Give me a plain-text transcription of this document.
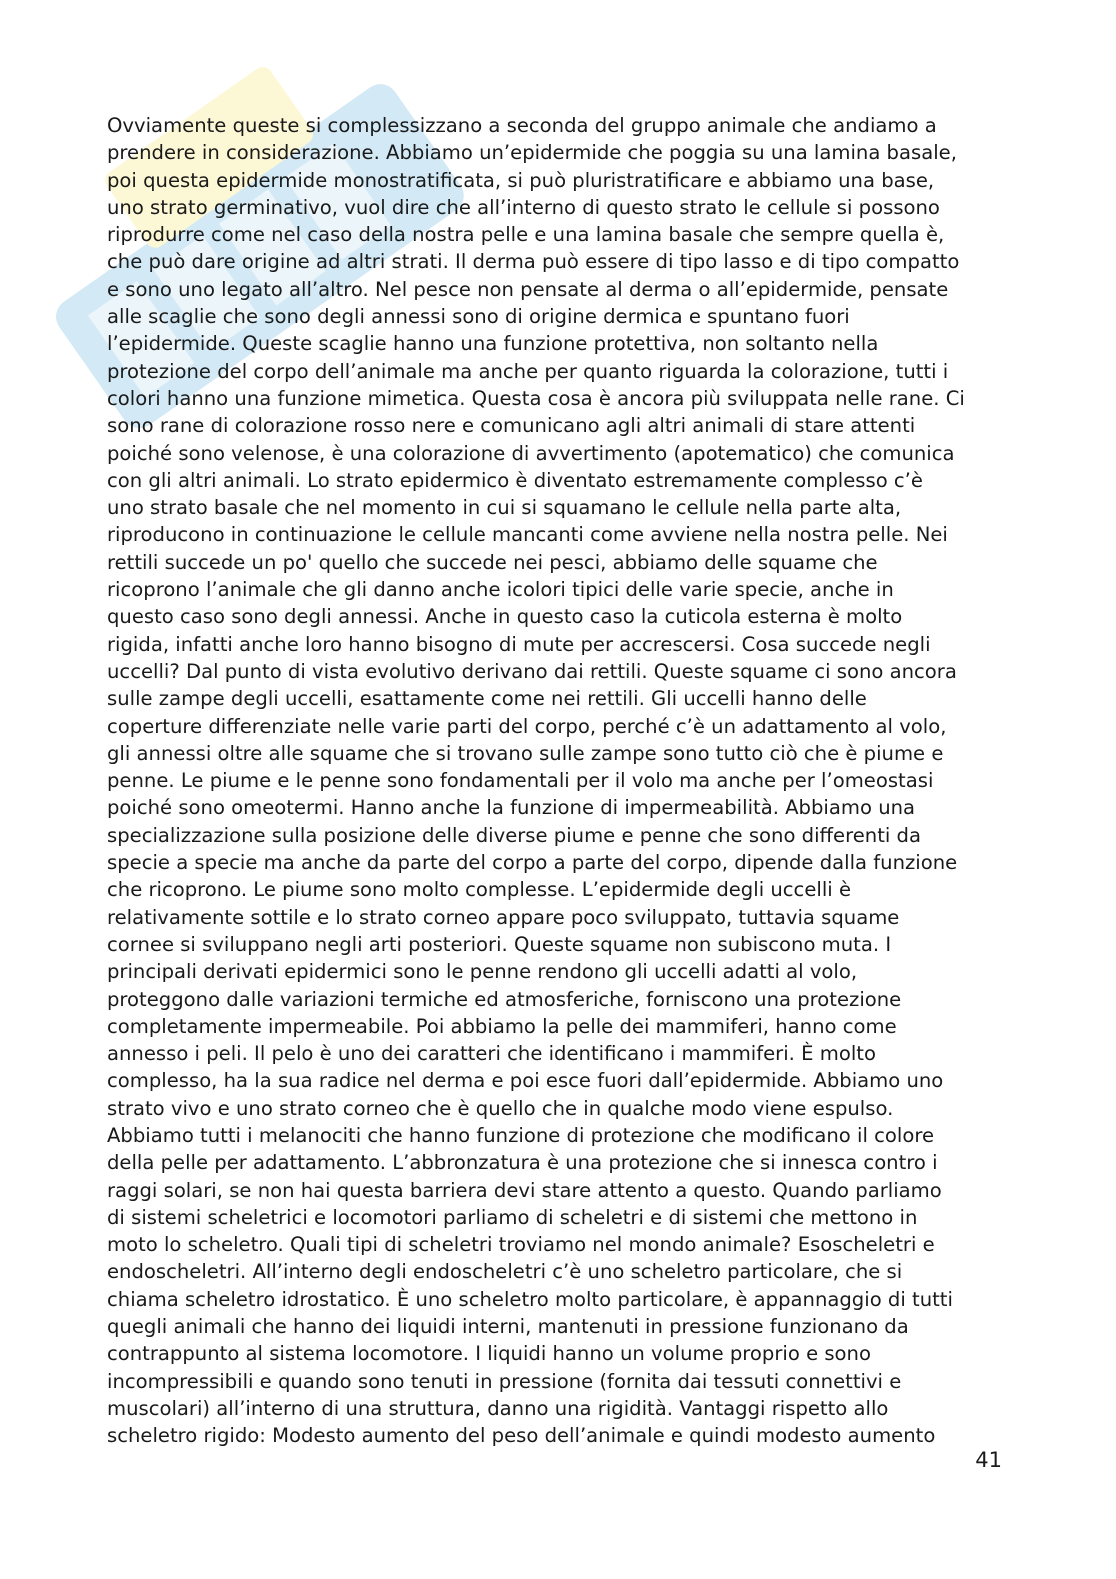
Ovviamente queste si complessizzano a seconda del gruppo animale che andiamo a
prendere in considerazione. Abbiamo un’epidermide che poggia su una lamina basale,
poi questa epidermide monostratificata, si può pluristratificare e abbiamo una base,
uno strato germinativo, vuol dire che all’interno di questo strato le cellule si possono
riprodurre come nel caso della nostra pelle e una lamina basale che sempre quella è,
che può dare origine ad altri strati. Il derma può essere di tipo lasso e di tipo compatto
e sono uno legato all’altro. Nel pesce non pensate al derma o all’epidermide, pensate
alle scaglie che sono degli annessi sono di origine dermica e spuntano fuori
l’epidermide. Queste scaglie hanno una funzione protettiva, non soltanto nella
protezione del corpo dell’animale ma anche per quanto riguarda la colorazione, tutti i
colori hanno una funzione mimetica. Questa cosa è ancora più sviluppata nelle rane. Ci
sono rane di colorazione rosso nere e comunicano agli altri animali di stare attenti
poiché sono velenose, è una colorazione di avvertimento (apotematico) che comunica
con gli altri animali. Lo strato epidermico è diventato estremamente complesso c’è
uno strato basale che nel momento in cui si squamano le cellule nella parte alta,
riproducono in continuazione le cellule mancanti come avviene nella nostra pelle. Nei
rettili succede un po' quello che succede nei pesci, abbiamo delle squame che
ricoprono l’animale che gli danno anche icolori tipici delle varie specie, anche in
questo caso sono degli annessi. Anche in questo caso la cuticola esterna è molto
rigida, infatti anche loro hanno bisogno di mute per accrescersi. Cosa succede negli
uccelli? Dal punto di vista evolutivo derivano dai rettili. Queste squame ci sono ancora
sulle zampe degli uccelli, esattamente come nei rettili. Gli uccelli hanno delle
coperture differenziate nelle varie parti del corpo, perché c’è un adattamento al volo,
gli annessi oltre alle squame che si trovano sulle zampe sono tutto ciò che è piume e
penne. Le piume e le penne sono fondamentali per il volo ma anche per l’omeostasi
poiché sono omeotermi. Hanno anche la funzione di impermeabilità. Abbiamo una
specializzazione sulla posizione delle diverse piume e penne che sono differenti da
specie a specie ma anche da parte del corpo a parte del corpo, dipende dalla funzione
che ricoprono. Le piume sono molto complesse. L’epidermide degli uccelli è
relativamente sottile e lo strato corneo appare poco sviluppato, tuttavia squame
cornee si sviluppano negli arti posteriori. Queste squame non subiscono muta. I
principali derivati epidermici sono le penne rendono gli uccelli adatti al volo,
proteggono dalle variazioni termiche ed atmosferiche, forniscono una protezione
completamente impermeabile. Poi abbiamo la pelle dei mammiferi, hanno come
annesso i peli. Il pelo è uno dei caratteri che identificano i mammiferi. È molto
complesso, ha la sua radice nel derma e poi esce fuori dall’epidermide. Abbiamo uno
strato vivo e uno strato corneo che è quello che in qualche modo viene espulso.
Abbiamo tutti i melanociti che hanno funzione di protezione che modificano il colore
della pelle per adattamento. L’abbronzatura è una protezione che si innesca contro i
raggi solari, se non hai questa barriera devi stare attento a questo. Quando parliamo
di sistemi scheletrici e locomotori parliamo di scheletri e di sistemi che mettono in
moto lo scheletro. Quali tipi di scheletri troviamo nel mondo animale? Esoscheletri e
endoscheletri. All’interno degli endoscheletri c’è uno scheletro particolare, che si
chiama scheletro idrostatico. È uno scheletro molto particolare, è appannaggio di tutti
quegli animali che hanno dei liquidi interni, mantenuti in pressione funzionano da
contrappunto al sistema locomotore. I liquidi hanno un volume proprio e sono
incompressibili e quando sono tenuti in pressione (fornita dai tessuti connettivi e
muscolari) all’interno di una struttura, danno una rigidità. Vantaggi rispetto allo
scheletro rigido: Modesto aumento del peso dell’animale e quindi modesto aumento
41
